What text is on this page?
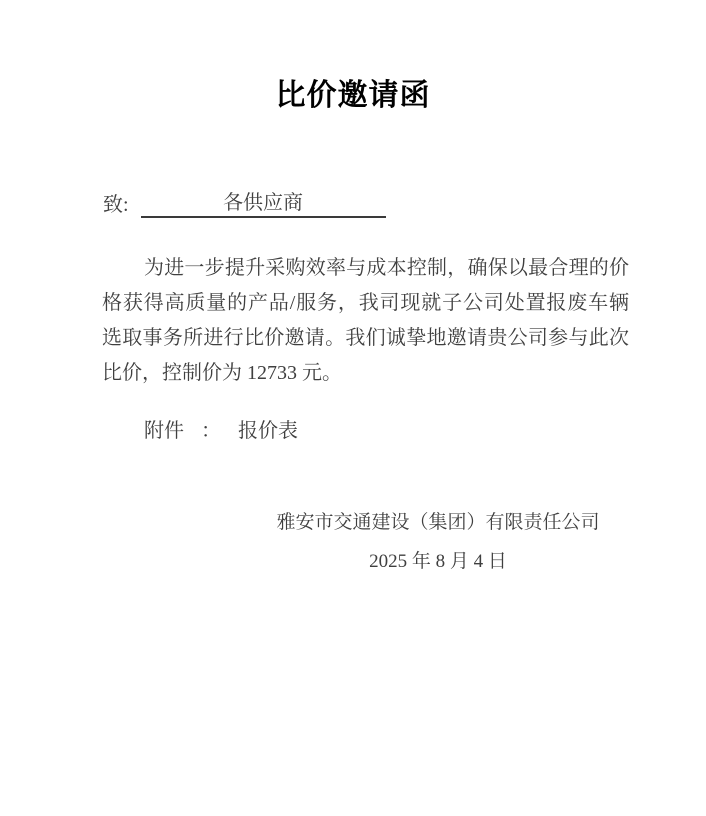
比价邀请函
致:	各供应商
为进一步提升采购效率与成本控制，确保以最合理的价
格获得高质量的产品/服务，我司现就子公司处置报废车辆
选取事务所进行比价邀请。我们诚挚地邀请贵公司参与此次
比价，控制价为 12733 元。
附件 ： 报价表
雅安市交通建设（集团）有限责任公司
2025 年 8 月 4 日
